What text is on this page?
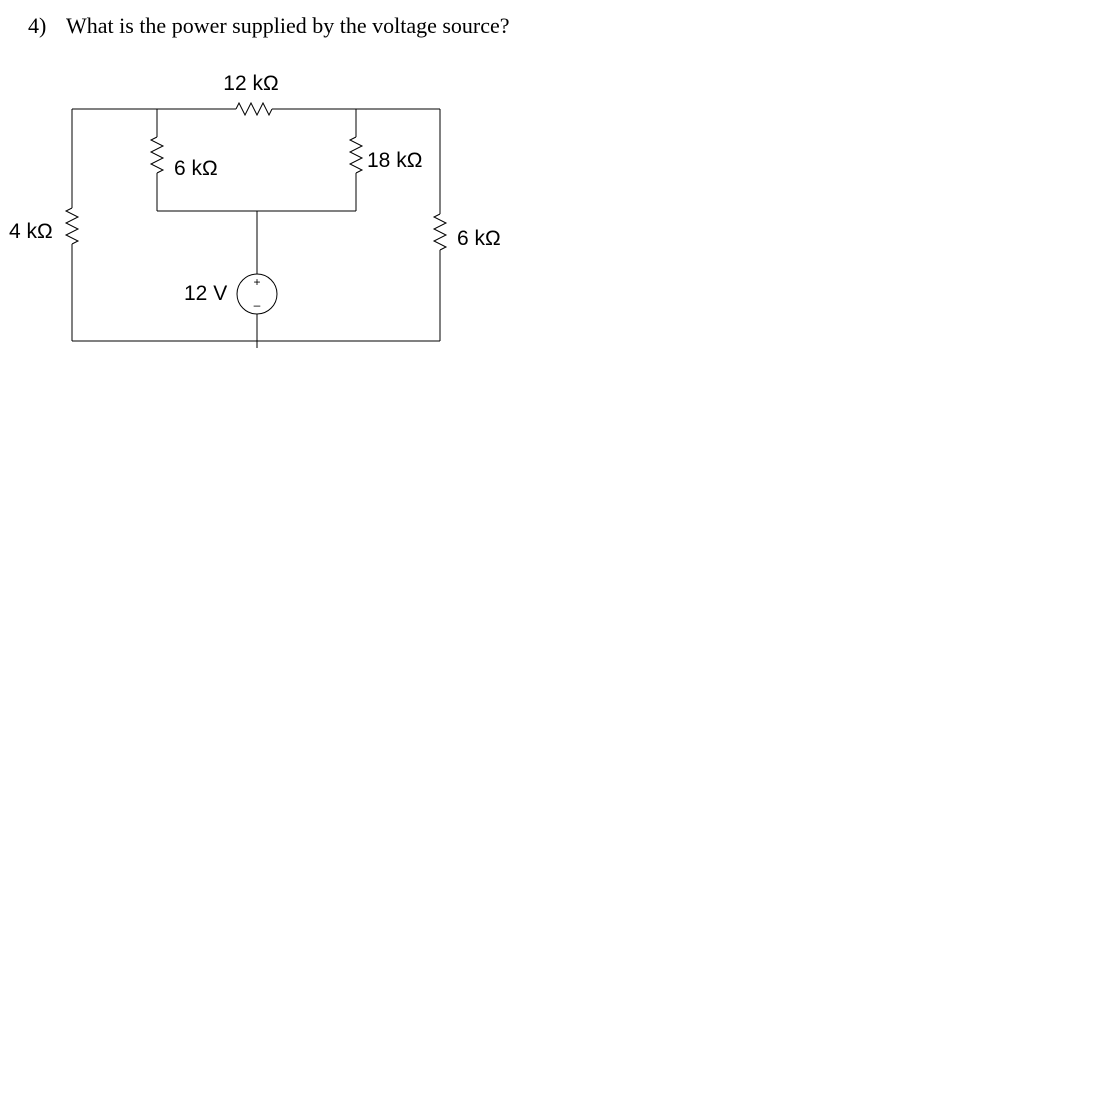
4) What is the power supplied by the voltage source?
+
–
12 kΩ
6 kΩ	18 kΩ
4 kΩ	6 kΩ
12 V
